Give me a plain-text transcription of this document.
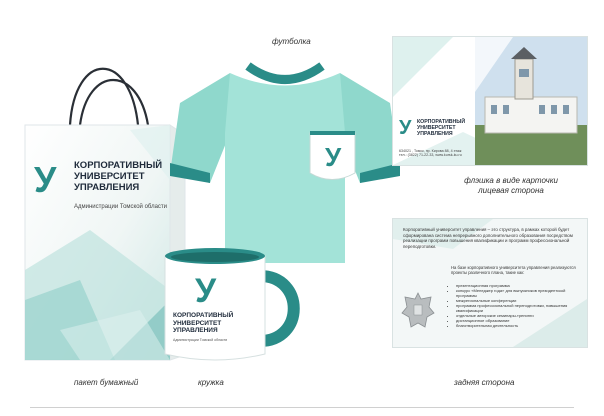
У КОРПОРАТИВНЫЙ
УНИВЕРСИТЕТ
УПРАВЛЕНИЯ
Администрации Томской области
У
У
КОРПОРАТИВНЫЙ
УНИВЕРСИТЕТ
УПРАВЛЕНИЯ
Администрации Томской области
У КОРПОРАТИВНЫЙ
УНИВЕРСИТЕТ
УПРАВЛЕНИЯ
634021 , Томск, пр. Кирова 88, 4 этаж
тел.: (3822) 71-22-33, www.kursk-ku.ru
Корпоративный университет управления – это структура, в рамках которой будет сформирована система непрерывного дополнительного образования посредством реализации программ повышения квалификации и программ профессиональной переподготовки.
На базе корпоративного университета управления реализуются проекты различного плана, такие как:
• презентационная программа
• конкурс «Менеджер года» для выпускников президентской программы
• межрегиональные конференции
• программа профессиональной переподготовки, повышения квалификации
• отдельные авторские семинары-тренинги
• дистанционное образование
• благотворительная деятельность
футболка
флэшка в виде карточки лицевая сторона
задняя сторона
пакет бумажный	кружка
